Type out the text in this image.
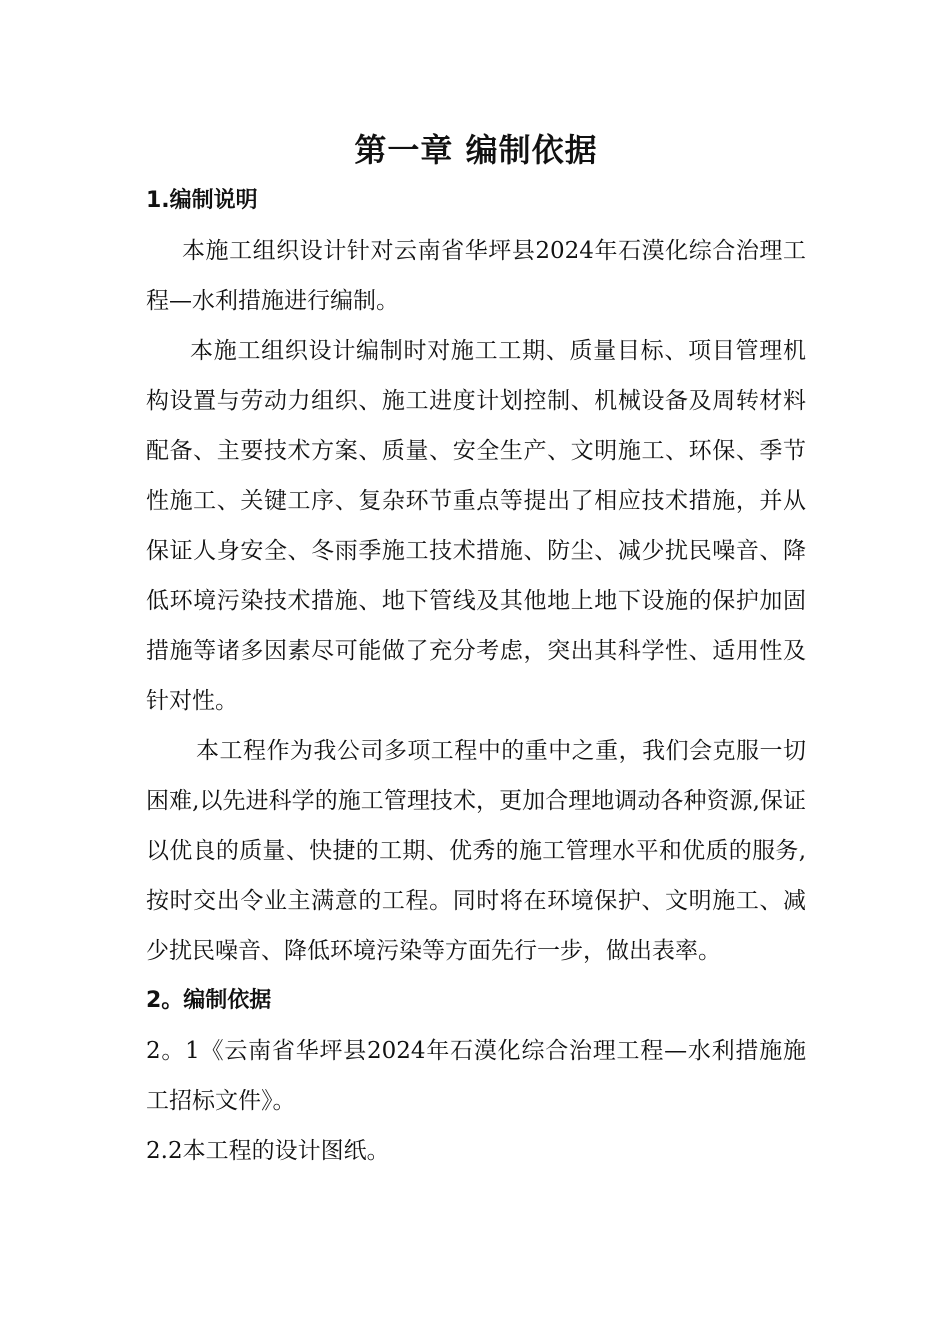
第一章 编制依据
1.编制说明

本施工组织设计针对云南省华坪县2024年石漠化综合治理工程—水利措施进行编制。

本施工组织设计编制时对施工工期、质量目标、项目管理机构设置与劳动力组织、施工进度计划控制、机械设备及周转材料配备、主要技术方案、质量、安全生产、文明施工、环保、季节性施工、关键工序、复杂环节重点等提出了相应技术措施，并从保证人身安全、冬雨季施工技术措施、防尘、减少扰民噪音、降低环境污染技术措施、地下管线及其他地上地下设施的保护加固措施等诸多因素尽可能做了充分考虑，突出其科学性、适用性及针对性。

本工程作为我公司多项工程中的重中之重，我们会克服一切困难,以先进科学的施工管理技术，更加合理地调动各种资源,保证以优良的质量、快捷的工期、优秀的施工管理水平和优质的服务,按时交出令业主满意的工程。同时将在环境保护、文明施工、减少扰民噪音、降低环境污染等方面先行一步，做出表率。

2。编制依据

2。1《云南省华坪县2024年石漠化综合治理工程—水利措施施工招标文件》。

2.2本工程的设计图纸。
